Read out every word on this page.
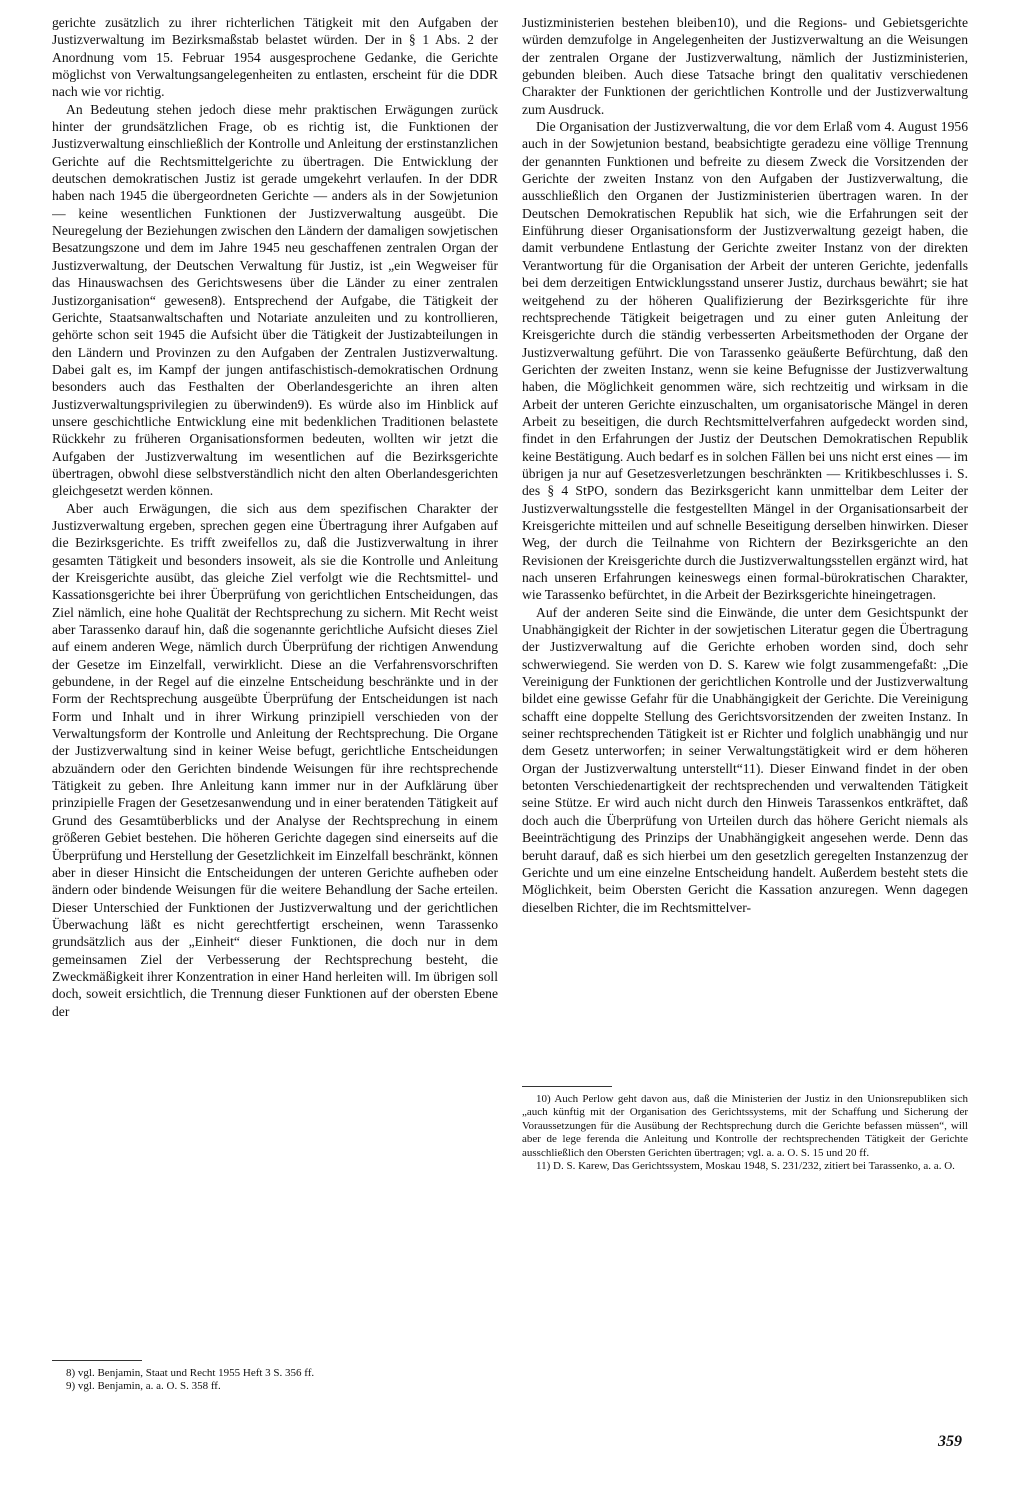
gerichte zusätzlich zu ihrer richterlichen Tätigkeit mit den Aufgaben der Justizverwaltung im Bezirksmaßstab belastet würden. Der in § 1 Abs. 2 der Anordnung vom 15. Februar 1954 ausgesprochene Gedanke, die Gerichte möglichst von Verwaltungsangelegenheiten zu entlasten, erscheint für die DDR nach wie vor richtig.

An Bedeutung stehen jedoch diese mehr praktischen Erwägungen zurück hinter der grundsätzlichen Frage, ob es richtig ist, die Funktionen der Justizverwaltung einschließlich der Kontrolle und Anleitung der erstinstanzlichen Gerichte auf die Rechtsmittelgerichte zu übertragen. Die Entwicklung der deutschen demokratischen Justiz ist gerade umgekehrt verlaufen. In der DDR haben nach 1945 die übergeordneten Gerichte — anders als in der Sowjetunion — keine wesentlichen Funktionen der Justizverwaltung ausgeübt. Die Neuregelung der Beziehungen zwischen den Ländern der damaligen sowjetischen Besatzungszone und dem im Jahre 1945 neu geschaffenen zentralen Organ der Justizverwaltung, der Deutschen Verwaltung für Justiz, ist „ein Wegweiser für das Hinauswachsen des Gerichtswesens über die Länder zu einer zentralen Justizorganisation“ gewesen8). Entsprechend der Aufgabe, die Tätigkeit der Gerichte, Staatsanwaltschaften und Notariate anzuleiten und zu kontrollieren, gehörte schon seit 1945 die Aufsicht über die Tätigkeit der Justizabteilungen in den Ländern und Provinzen zu den Aufgaben der Zentralen Justizverwaltung. Dabei galt es, im Kampf der jungen antifaschistisch-demokratischen Ordnung besonders auch das Festhalten der Oberlandesgerichte an ihren alten Justizverwaltungsprivilegien zu überwinden9). Es würde also im Hinblick auf unsere geschichtliche Entwicklung eine mit bedenklichen Traditionen belastete Rückkehr zu früheren Organisationsformen bedeuten, wollten wir jetzt die Aufgaben der Justizverwaltung im wesentlichen auf die Bezirksgerichte übertragen, obwohl diese selbstverständlich nicht den alten Oberlandesgerichten gleichgesetzt werden können.

Aber auch Erwägungen, die sich aus dem spezifischen Charakter der Justizverwaltung ergeben, sprechen gegen eine Übertragung ihrer Aufgaben auf die Bezirksgerichte. Es trifft zweifellos zu, daß die Justizverwaltung in ihrer gesamten Tätigkeit und besonders insoweit, als sie die Kontrolle und Anleitung der Kreisgerichte ausübt, das gleiche Ziel verfolgt wie die Rechtsmittel- und Kassationsgerichte bei ihrer Überprüfung von gerichtlichen Entscheidungen, das Ziel nämlich, eine hohe Qualität der Rechtsprechung zu sichern. Mit Recht weist aber Tarassenko darauf hin, daß die sogenannte gerichtliche Aufsicht dieses Ziel auf einem anderen Wege, nämlich durch Überprüfung der richtigen Anwendung der Gesetze im Einzelfall, verwirklicht. Diese an die Verfahrensvorschriften gebundene, in der Regel auf die einzelne Entscheidung beschränkte und in der Form der Rechtsprechung ausgeübte Überprüfung der Entscheidungen ist nach Form und Inhalt und in ihrer Wirkung prinzipiell verschieden von der Verwaltungsform der Kontrolle und Anleitung der Rechtsprechung. Die Organe der Justizverwaltung sind in keiner Weise befugt, gerichtliche Entscheidungen abzuändern oder den Gerichten bindende Weisungen für ihre rechtsprechende Tätigkeit zu geben. Ihre Anleitung kann immer nur in der Aufklärung über prinzipielle Fragen der Gesetzesanwendung und in einer beratenden Tätigkeit auf Grund des Gesamtüberblicks und der Analyse der Rechtsprechung in einem größeren Gebiet bestehen. Die höheren Gerichte dagegen sind einerseits auf die Überprüfung und Herstellung der Gesetzlichkeit im Einzelfall beschränkt, können aber in dieser Hinsicht die Entscheidungen der unteren Gerichte aufheben oder ändern oder bindende Weisungen für die weitere Behandlung der Sache erteilen. Dieser Unterschied der Funktionen der Justizverwaltung und der gerichtlichen Überwachung läßt es nicht gerechtfertigt erscheinen, wenn Tarassenko grundsätzlich aus der „Einheit“ dieser Funktionen, die doch nur in dem gemeinsamen Ziel der Verbesserung der Rechtsprechung besteht, die Zweckmäßigkeit ihrer Konzentration in einer Hand herleiten will. Im übrigen soll doch, soweit ersichtlich, die Trennung dieser Funktionen auf der obersten Ebene der

8) vgl. Benjamin, Staat und Recht 1955 Heft 3 S. 356 ff.

9) vgl. Benjamin, a. a. O. S. 358 ff.

Justizministerien bestehen bleiben10), und die Regions- und Gebietsgerichte würden demzufolge in Angelegenheiten der Justizverwaltung an die Weisungen der zentralen Organe der Justizverwaltung, nämlich der Justizministerien, gebunden bleiben. Auch diese Tatsache bringt den qualitativ verschiedenen Charakter der Funktionen der gerichtlichen Kontrolle und der Justizverwaltung zum Ausdruck.

Die Organisation der Justizverwaltung, die vor dem Erlaß vom 4. August 1956 auch in der Sowjetunion bestand, beabsichtigte geradezu eine völlige Trennung der genannten Funktionen und befreite zu diesem Zweck die Vorsitzenden der Gerichte der zweiten Instanz von den Aufgaben der Justizverwaltung, die ausschließlich den Organen der Justizministerien übertragen waren. In der Deutschen Demokratischen Republik hat sich, wie die Erfahrungen seit der Einführung dieser Organisationsform der Justizverwaltung gezeigt haben, die damit verbundene Entlastung der Gerichte zweiter Instanz von der direkten Verantwortung für die Organisation der Arbeit der unteren Gerichte, jedenfalls bei dem derzeitigen Entwicklungsstand unserer Justiz, durchaus bewährt; sie hat weitgehend zu der höheren Qualifizierung der Bezirksgerichte für ihre rechtsprechende Tätigkeit beigetragen und zu einer guten Anleitung der Kreisgerichte durch die ständig verbesserten Arbeitsmethoden der Organe der Justizverwaltung geführt. Die von Tarassenko geäußerte Befürchtung, daß den Gerichten der zweiten Instanz, wenn sie keine Befugnisse der Justizverwaltung haben, die Möglichkeit genommen wäre, sich rechtzeitig und wirksam in die Arbeit der unteren Gerichte einzuschalten, um organisatorische Mängel in deren Arbeit zu beseitigen, die durch Rechtsmittelverfahren aufgedeckt worden sind, findet in den Erfahrungen der Justiz der Deutschen Demokratischen Republik keine Bestätigung. Auch bedarf es in solchen Fällen bei uns nicht erst eines — im übrigen ja nur auf Gesetzesverletzungen beschränkten — Kritikbeschlusses i. S. des § 4 StPO, sondern das Bezirksgericht kann unmittelbar dem Leiter der Justizverwaltungsstelle die festgestellten Mängel in der Organisationsarbeit der Kreisgerichte mitteilen und auf schnelle Beseitigung derselben hinwirken. Dieser Weg, der durch die Teilnahme von Richtern der Bezirksgerichte an den Revisionen der Kreisgerichte durch die Justizverwaltungsstellen ergänzt wird, hat nach unseren Erfahrungen keineswegs einen formal-bürokratischen Charakter, wie Tarassenko befürchtet, in die Arbeit der Bezirksgerichte hineingetragen.

Auf der anderen Seite sind die Einwände, die unter dem Gesichtspunkt der Unabhängigkeit der Richter in der sowjetischen Literatur gegen die Übertragung der Justizverwaltung auf die Gerichte erhoben worden sind, doch sehr schwerwiegend. Sie werden von D. S. Karew wie folgt zusammengefaßt: „Die Vereinigung der Funktionen der gerichtlichen Kontrolle und der Justizverwaltung bildet eine gewisse Gefahr für die Unabhängigkeit der Gerichte. Die Vereinigung schafft eine doppelte Stellung des Gerichtsvorsitzenden der zweiten Instanz. In seiner rechtsprechenden Tätigkeit ist er Richter und folglich unabhängig und nur dem Gesetz unterworfen; in seiner Verwaltungstätigkeit wird er dem höheren Organ der Justizverwaltung unterstellt“11). Dieser Einwand findet in der oben betonten Verschiedenartigkeit der rechtsprechenden und verwaltenden Tätigkeit seine Stütze. Er wird auch nicht durch den Hinweis Tarassenkos entkräftet, daß doch auch die Überprüfung von Urteilen durch das höhere Gericht niemals als Beeinträchtigung des Prinzips der Unabhängigkeit angesehen werde. Denn das beruht darauf, daß es sich hierbei um den gesetzlich geregelten Instanzenzug der Gerichte und um eine einzelne Entscheidung handelt. Außerdem besteht stets die Möglichkeit, beim Obersten Gericht die Kassation anzuregen. Wenn dagegen dieselben Richter, die im Rechtsmittelver-

10) Auch Perlow geht davon aus, daß die Ministerien der Justiz in den Unionsrepubliken sich „auch künftig mit der Organisation des Gerichtssystems, mit der Schaffung und Sicherung der Voraussetzungen für die Ausübung der Rechtsprechung durch die Gerichte befassen müssen“, will aber de lege ferenda die Anleitung und Kontrolle der rechtsprechenden Tätigkeit der Gerichte ausschließlich den Obersten Gerichten übertragen; vgl. a. a. O. S. 15 und 20 ff.

11) D. S. Karew, Das Gerichtssystem, Moskau 1948, S. 231/232, zitiert bei Tarassenko, a. a. O.

359
